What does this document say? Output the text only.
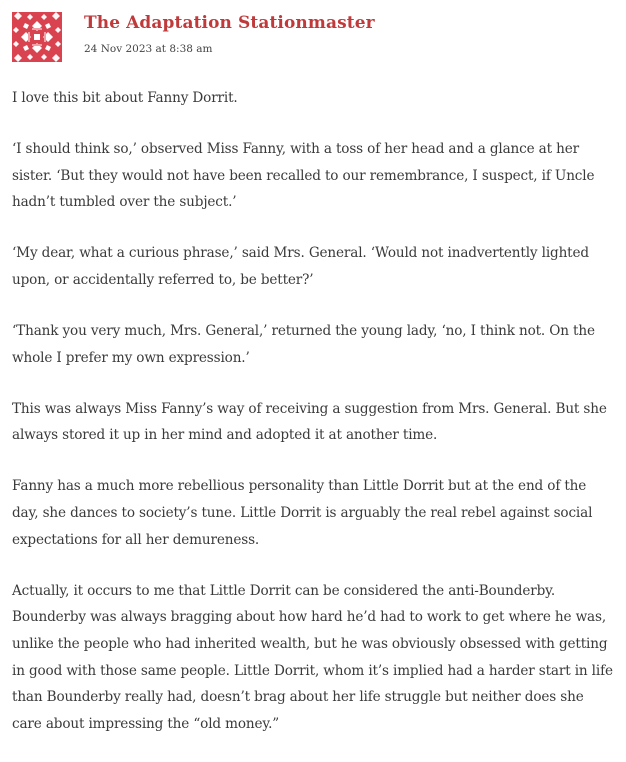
The Adaptation Stationmaster
24 Nov 2023 at 8:38 am

I love this bit about Fanny Dorrit.

‘I should think so,’ observed Miss Fanny, with a toss of her head and a glance at her sister. ‘But they would not have been recalled to our remembrance, I suspect, if Uncle hadn’t tumbled over the subject.’

‘My dear, what a curious phrase,’ said Mrs. General. ‘Would not inadvertently lighted upon, or accidentally referred to, be better?’

‘Thank you very much, Mrs. General,’ returned the young lady, ‘no, I think not. On the whole I prefer my own expression.’

This was always Miss Fanny’s way of receiving a suggestion from Mrs. General. But she always stored it up in her mind and adopted it at another time.

Fanny has a much more rebellious personality than Little Dorrit but at the end of the day, she dances to society’s tune. Little Dorrit is arguably the real rebel against social expectations for all her demureness.

Actually, it occurs to me that Little Dorrit can be considered the anti-Bounderby. Bounderby was always bragging about how hard he’d had to work to get where he was, unlike the people who had inherited wealth, but he was obviously obsessed with getting in good with those same people. Little Dorrit, whom it’s implied had a harder start in life than Bounderby really had, doesn’t brag about her life struggle but neither does she care about impressing the “old money.”
